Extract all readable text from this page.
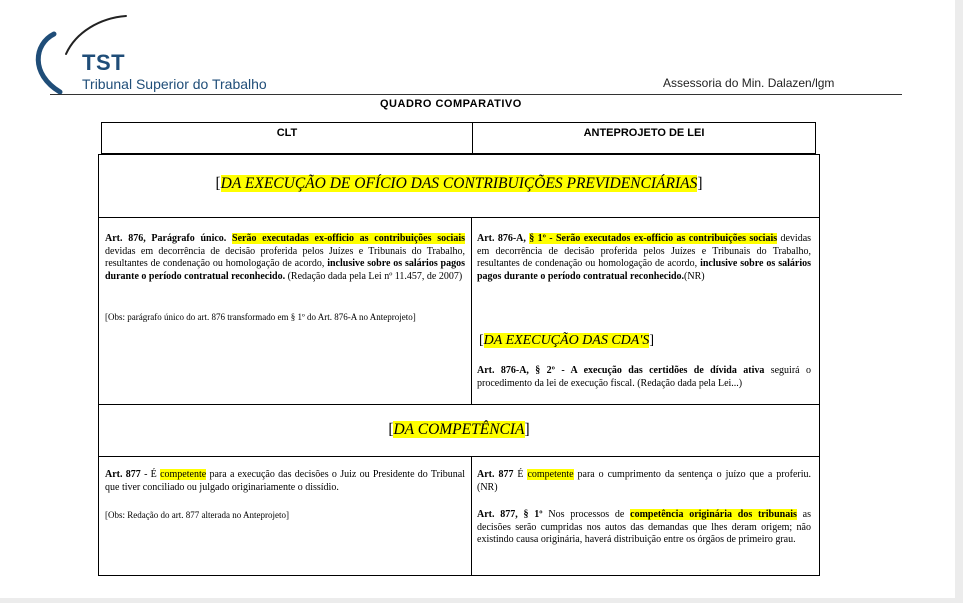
TST
Tribunal Superior do Trabalho	Assessoria do Min. Dalazen/lgm
QUADRO COMPARATIVO
CLT	ANTEPROJETO DE LEI
[DA EXECUÇÃO DE OFÍCIO DAS CONTRIBUIÇÕES PREVIDENCIÁRIAS]
Art. 876, Parágrafo único. Serão executadas ex-officio as contribuições sociais devidas em decorrência de decisão proferida pelos Juízes e Tribunais do Trabalho, resultantes de condenação ou homologação de acordo, inclusive sobre os salários pagos durante o período contratual reconhecido. (Redação dada pela Lei nº 11.457, de 2007)
[Obs: parágrafo único do art. 876 transformado em § 1º do Art. 876-A no Anteprojeto]
Art. 876-A, § 1º - Serão executados ex-officio as contribuições sociais devidas em decorrência de decisão proferida pelos Juízes e Tribunais do Trabalho, resultantes de condenação ou homologação de acordo, inclusive sobre os salários pagos durante o período contratual reconhecido.(NR)
[DA EXECUÇÃO DAS CDA'S]
Art. 876-A, § 2º - A execução das certidões de dívida ativa seguirá o procedimento da lei de execução fiscal. (Redação dada pela Lei...)
[DA COMPETÊNCIA]
Art. 877 - É competente para a execução das decisões o Juiz ou Presidente do Tribunal que tiver conciliado ou julgado originariamente o dissídio.
[Obs: Redação do art. 877 alterada no Anteprojeto]
Art. 877 É competente para o cumprimento da sentença o juízo que a proferiu. (NR)
Art. 877, § 1º Nos processos de competência originária dos tribunais as decisões serão cumpridas nos autos das demandas que lhes deram origem; não existindo causa originária, haverá distribuição entre os órgãos de primeiro grau.
